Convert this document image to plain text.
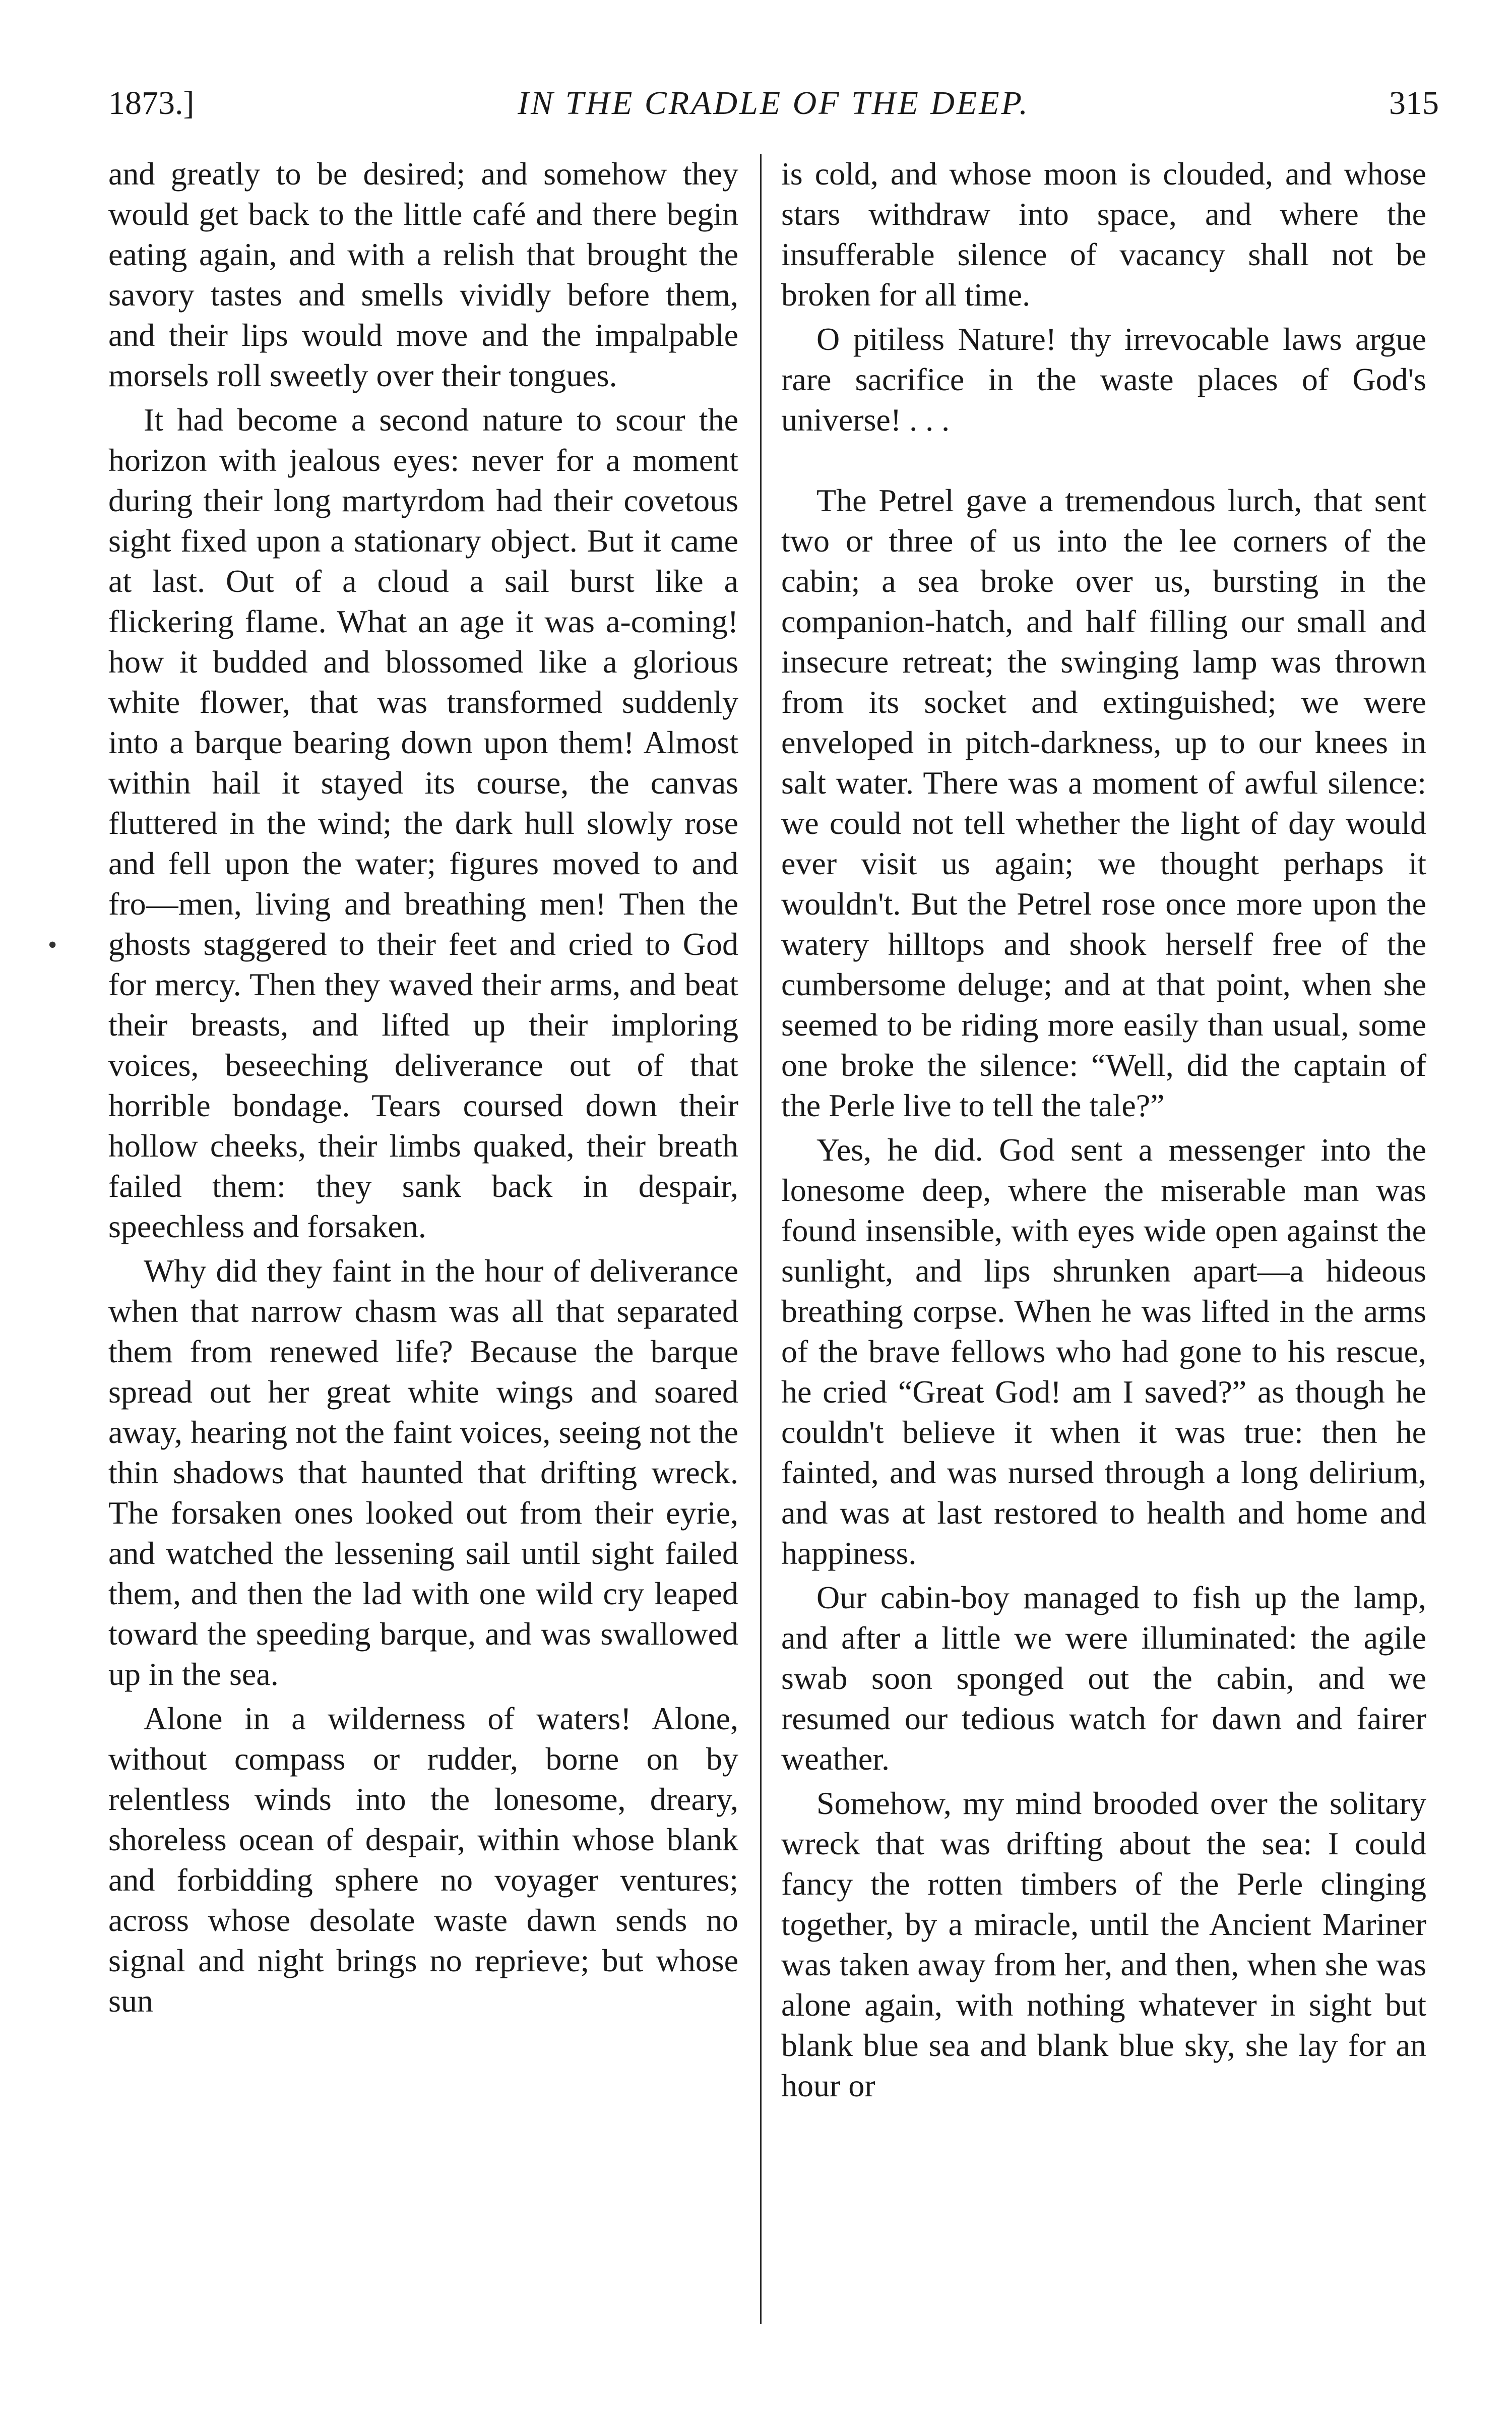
1873.]	IN THE CRADLE OF THE DEEP.	315
•

and greatly to be desired; and somehow they would get back to the little café and there begin eating again, and with a relish that brought the savory tastes and smells vividly before them, and their lips would move and the impalpable morsels roll sweetly over their tongues.

It had become a second nature to scour the horizon with jealous eyes: never for a moment during their long martyrdom had their covetous sight fixed upon a stationary object. But it came at last. Out of a cloud a sail burst like a flickering flame. What an age it was a-coming! how it budded and blossomed like a glorious white flower, that was transformed suddenly into a barque bearing down upon them! Almost within hail it stayed its course, the canvas fluttered in the wind; the dark hull slowly rose and fell upon the water; figures moved to and fro—men, living and breathing men! Then the ghosts staggered to their feet and cried to God for mercy. Then they waved their arms, and beat their breasts, and lifted up their imploring voices, beseeching deliverance out of that horrible bondage. Tears coursed down their hollow cheeks, their limbs quaked, their breath failed them: they sank back in despair, speechless and forsaken.

Why did they faint in the hour of deliverance when that narrow chasm was all that separated them from renewed life? Because the barque spread out her great white wings and soared away, hearing not the faint voices, seeing not the thin shadows that haunted that drifting wreck. The forsaken ones looked out from their eyrie, and watched the lessening sail until sight failed them, and then the lad with one wild cry leaped toward the speeding barque, and was swallowed up in the sea.

Alone in a wilderness of waters! Alone, without compass or rudder, borne on by relentless winds into the lonesome, dreary, shoreless ocean of despair, within whose blank and forbidding sphere no voyager ventures; across whose desolate waste dawn sends no signal and night brings no reprieve; but whose sun

is cold, and whose moon is clouded, and whose stars withdraw into space, and where the insufferable silence of vacancy shall not be broken for all time.

O pitiless Nature! thy irrevocable laws argue rare sacrifice in the waste places of God's universe! . . .

The Petrel gave a tremendous lurch, that sent two or three of us into the lee corners of the cabin; a sea broke over us, bursting in the companion-hatch, and half filling our small and insecure retreat; the swinging lamp was thrown from its socket and extinguished; we were enveloped in pitch-darkness, up to our knees in salt water. There was a moment of awful silence: we could not tell whether the light of day would ever visit us again; we thought perhaps it wouldn't. But the Petrel rose once more upon the watery hilltops and shook herself free of the cumbersome deluge; and at that point, when she seemed to be riding more easily than usual, some one broke the silence: “Well, did the captain of the Perle live to tell the tale?”

Yes, he did. God sent a messenger into the lonesome deep, where the miserable man was found insensible, with eyes wide open against the sunlight, and lips shrunken apart—a hideous breathing corpse. When he was lifted in the arms of the brave fellows who had gone to his rescue, he cried “Great God! am I saved?” as though he couldn't believe it when it was true: then he fainted, and was nursed through a long delirium, and was at last restored to health and home and happiness.

Our cabin-boy managed to fish up the lamp, and after a little we were illuminated: the agile swab soon sponged out the cabin, and we resumed our tedious watch for dawn and fairer weather.

Somehow, my mind brooded over the solitary wreck that was drifting about the sea: I could fancy the rotten timbers of the Perle clinging together, by a miracle, until the Ancient Mariner was taken away from her, and then, when she was alone again, with nothing whatever in sight but blank blue sea and blank blue sky, she lay for an hour or
